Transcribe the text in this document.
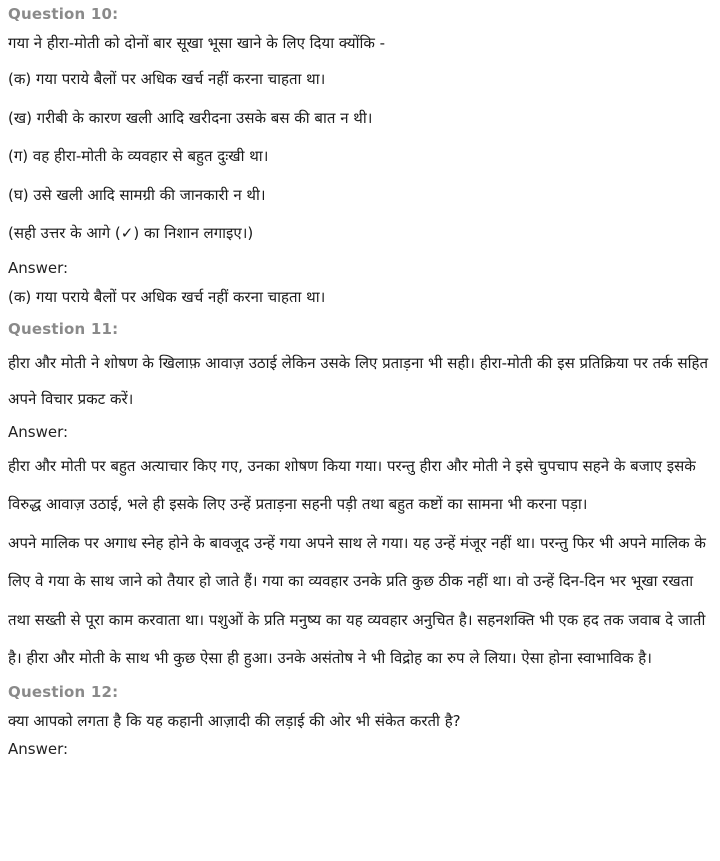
Question 10:

गया ने हीरा-मोती को दोनों बार सूखा भूसा खाने के लिए दिया क्योंकि -

(क) गया पराये बैलों पर अधिक खर्च नहीं करना चाहता था।

(ख) गरीबी के कारण खली आदि खरीदना उसके बस की बात न थी।

(ग) वह हीरा-मोती के व्यवहार से बहुत दुःखी था।

(घ) उसे खली आदि सामग्री की जानकारी न थी।

(सही उत्तर के आगे (✓) का निशान लगाइए।)

Answer:

(क) गया पराये बैलों पर अधिक खर्च नहीं करना चाहता था।

Question 11:

हीरा और मोती ने शोषण के खिलाफ़ आवाज़ उठाई लेकिन उसके लिए प्रताड़ना भी सही। हीरा-मोती की इस प्रतिक्रिया पर तर्क सहित अपने विचार प्रकट करें।

Answer:

हीरा और मोती पर बहुत अत्याचार किए गए, उनका शोषण किया गया। परन्तु हीरा और मोती ने इसे चुपचाप सहने के बजाए इसके विरुद्ध आवाज़ उठाई, भले ही इसके लिए उन्हें प्रताड़ना सहनी पड़ी तथा बहुत कष्टों का सामना भी करना पड़ा।

अपने मालिक पर अगाध स्नेह होने के बावजूद उन्हें गया अपने साथ ले गया। यह उन्हें मंजूर नहीं था। परन्तु फिर भी अपने मालिक के लिए वे गया के साथ जाने को तैयार हो जाते हैं। गया का व्यवहार उनके प्रति कुछ ठीक नहीं था। वो उन्हें दिन-दिन भर भूखा रखता तथा सख्ती से पूरा काम करवाता था। पशुओं के प्रति मनुष्य का यह व्यवहार अनुचित है। सहनशक्ति भी एक हद तक जवाब दे जाती है। हीरा और मोती के साथ भी कुछ ऐसा ही हुआ। उनके असंतोष ने भी विद्रोह का रुप ले लिया। ऐसा होना स्वाभाविक है।

Question 12:

क्या आपको लगता है कि यह कहानी आज़ादी की लड़ाई की ओर भी संकेत करती है?

Answer:
